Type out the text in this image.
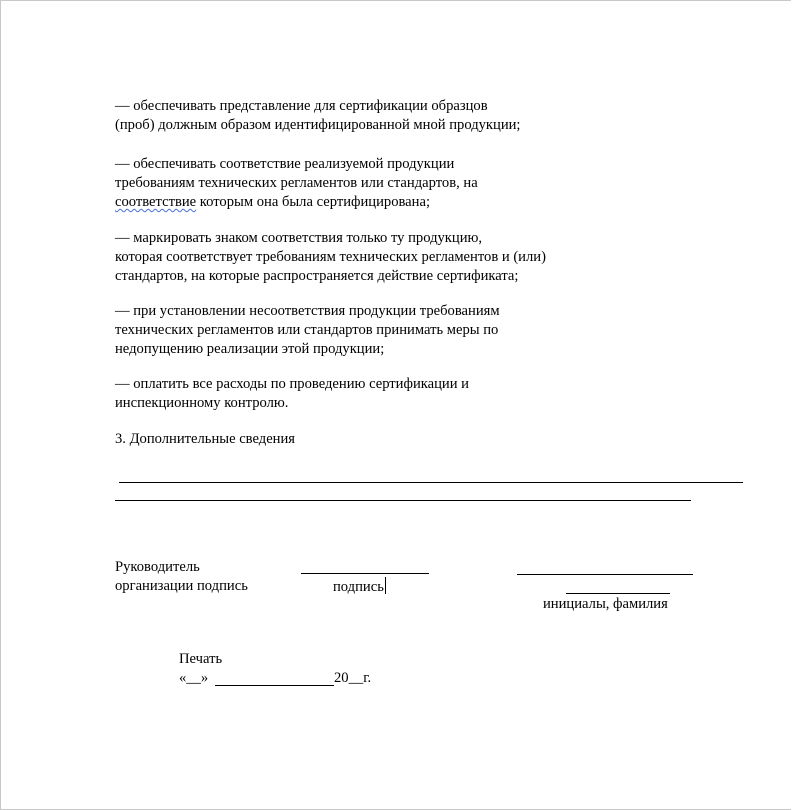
— обеспечивать представление для сертификации образцов
(проб) должным образом идентифицированной мной продукции;
— обеспечивать соответствие реализуемой продукции
требованиям технических регламентов или стандартов, на
соответствие которым она была сертифицирована;
— маркировать знаком соответствия только ту продукцию,
которая соответствует требованиям технических регламентов и (или)
стандартов, на которые распространяется действие сертификата;
— при установлении несоответствия продукции требованиям
технических регламентов или стандартов принимать меры по
недопущению реализации этой продукции;
— оплатить все расходы по проведению сертификации и
инспекционному контролю.
3. Дополнительные сведения
Руководитель
организации подпись	подпись
инициалы, фамилия
Печать
«__»	20__г.
